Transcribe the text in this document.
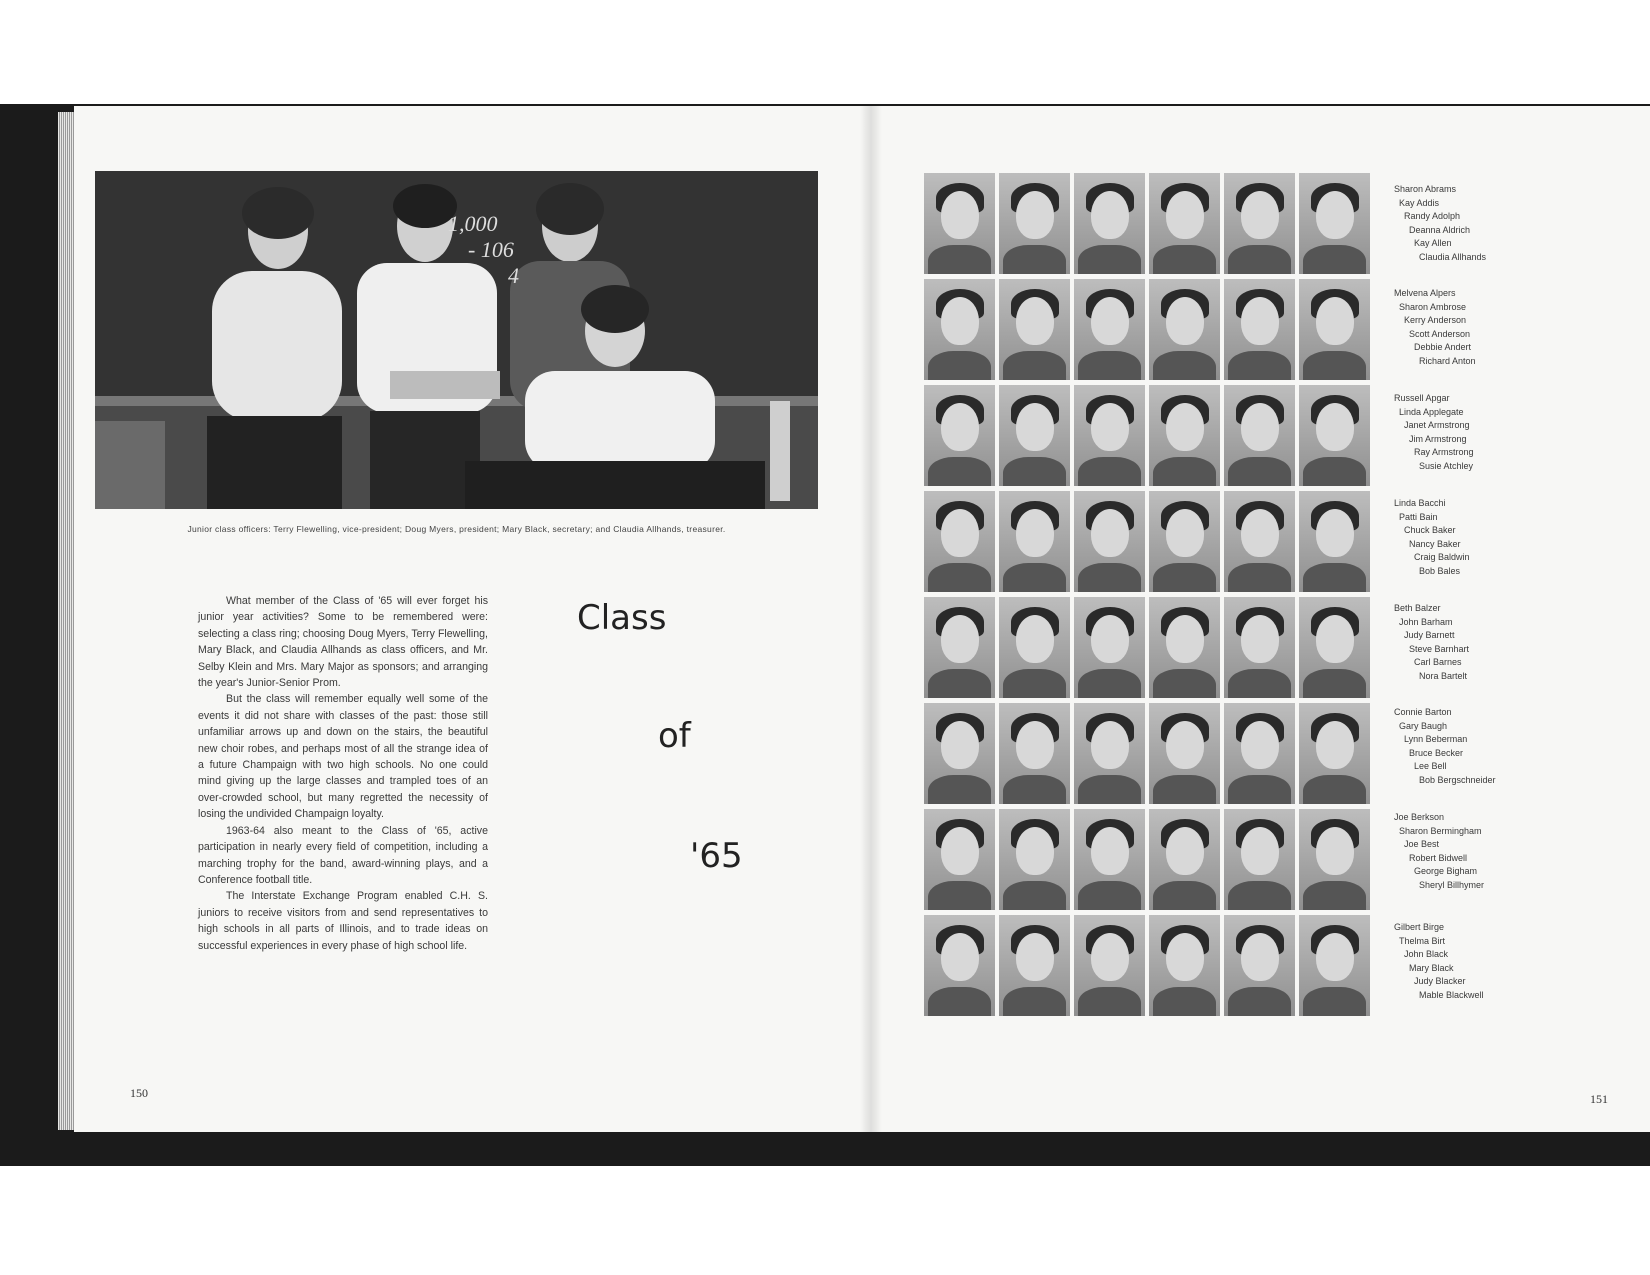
1,000
- 106
4
Junior class officers: Terry Flewelling, vice-president; Doug Myers, president; Mary Black, secretary; and Claudia Allhands, treasurer.

What member of the Class of '65 will ever forget his junior year activities? Some to be remembered were: selecting a class ring; choosing Doug Myers, Terry Flewelling, Mary Black, and Claudia Allhands as class officers, and Mr. Selby Klein and Mrs. Mary Major as sponsors; and arranging the year's Junior-Senior Prom.

But the class will remember equally well some of the events it did not share with classes of the past: those still unfamiliar arrows up and down on the stairs, the beautiful new choir robes, and perhaps most of all the strange idea of a future Champaign with two high schools. No one could mind giving up the large classes and trampled toes of an over-crowded school, but many regretted the necessity of losing the undivided Champaign loyalty.

1963-64 also meant to the Class of '65, active participation in nearly every field of competition, including a marching trophy for the band, award-winning plays, and a Conference football title.

The Interstate Exchange Program enabled C.H. S. juniors to receive visitors from and send representatives to high schools in all parts of Illinois, and to trade ideas on successful experiences in every phase of high school life.

Class
of
'65
150	151
Sharon Abrams
Kay Addis
Randy Adolph
Deanna Aldrich
Kay Allen
Claudia Allhands
Melvena Alpers
Sharon Ambrose
Kerry Anderson
Scott Anderson
Debbie Andert
Richard Anton
Russell Apgar
Linda Applegate
Janet Armstrong
Jim Armstrong
Ray Armstrong
Susie Atchley
Linda Bacchi
Patti Bain
Chuck Baker
Nancy Baker
Craig Baldwin
Bob Bales
Beth Balzer
John Barham
Judy Barnett
Steve Barnhart
Carl Barnes
Nora Bartelt
Connie Barton
Gary Baugh
Lynn Beberman
Bruce Becker
Lee Bell
Bob Bergschneider
Joe Berkson
Sharon Bermingham
Joe Best
Robert Bidwell
George Bigham
Sheryl Billhymer
Gilbert Birge
Thelma Birt
John Black
Mary Black
Judy Blacker
Mable Blackwell
